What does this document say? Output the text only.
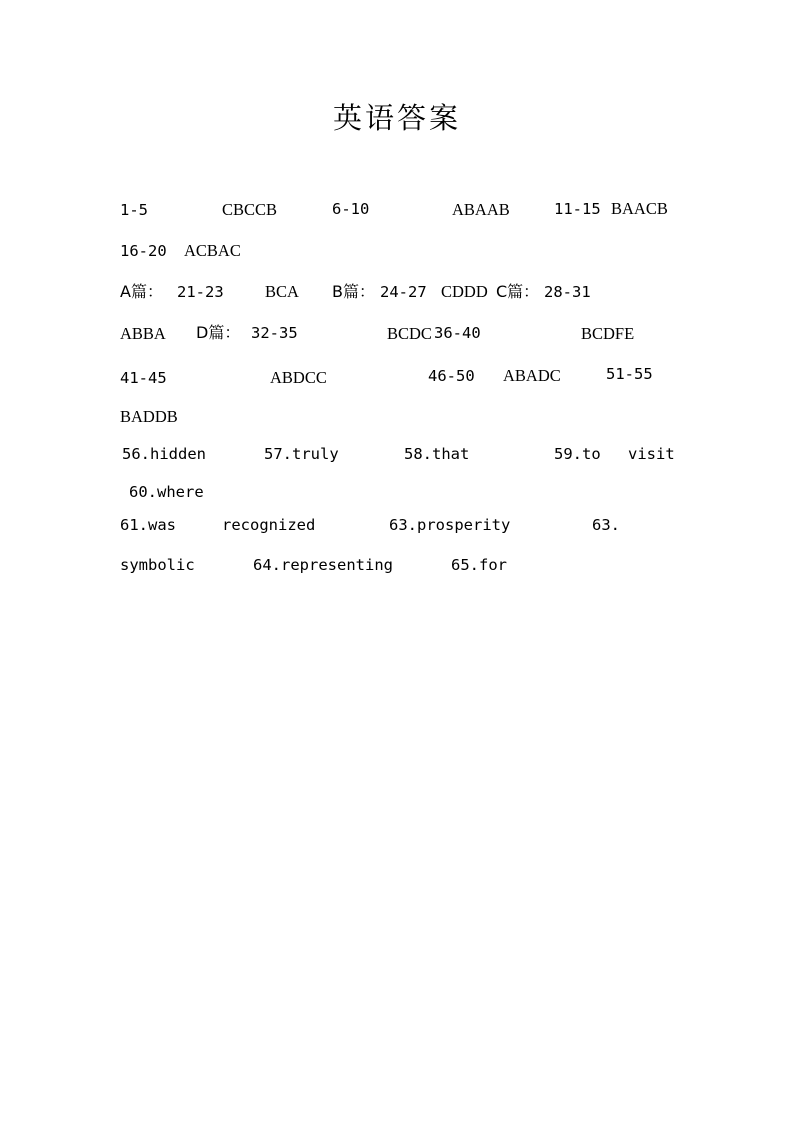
英语答案
1-5	CBCCB	6-10	ABAAB	11-15 BAACB
16-20 ACBAC
A篇： 21-23	BCA B篇： 24-27 CDDD C篇： 28-31
ABBA D篇： 32-35	BCDC 36-40	BCDFE
41-45	ABDCC	46-50 ABADC	51-55
BADDB
56.hidden	57.truly	58.that	59.to visit
60.where
61.was	recognized	63.prosperity	63.
symbolic	64.representing	65.for
